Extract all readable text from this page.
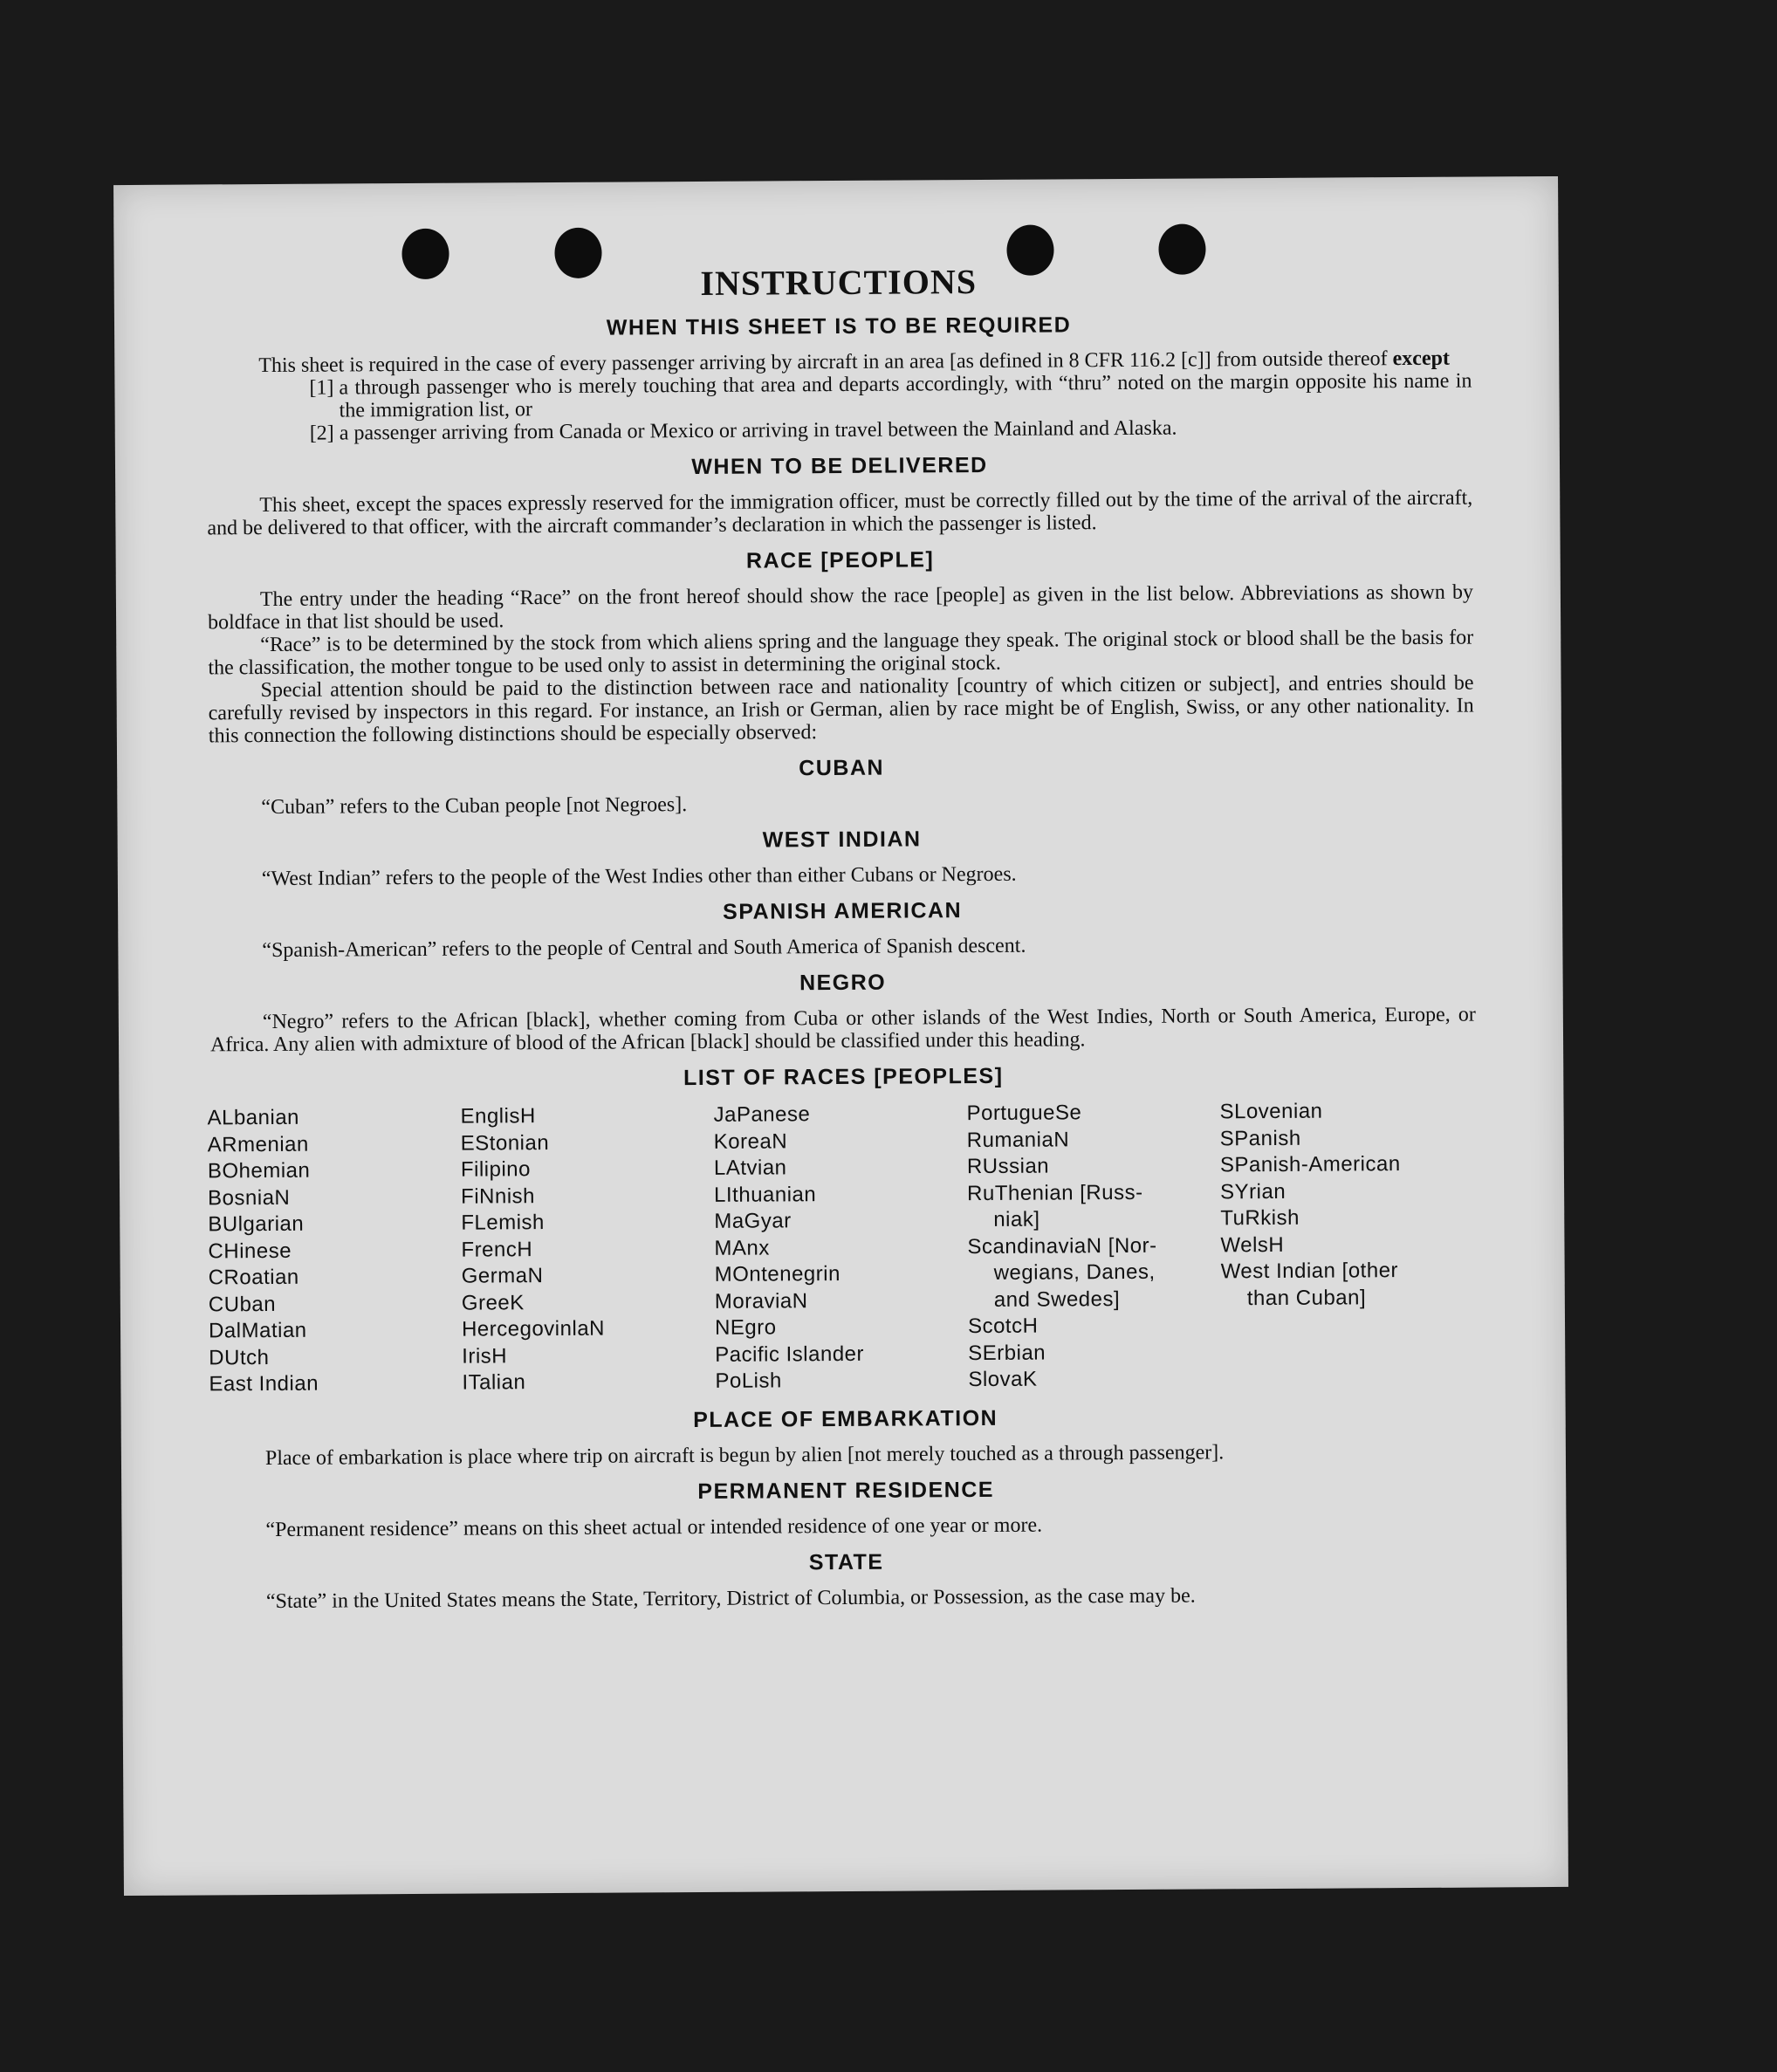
INSTRUCTIONS
WHEN THIS SHEET IS TO BE REQUIRED

This sheet is required in the case of every passenger arriving by aircraft in an area [as defined in 8 CFR 116.2 [c]] from outside thereof except

[1] a through passenger who is merely touching that area and departs accordingly, with “thru” noted on the margin opposite his name in the immigration list, or
[2] a passenger arriving from Canada or Mexico or arriving in travel between the Mainland and Alaska.
WHEN TO BE DELIVERED

This sheet, except the spaces expressly reserved for the immigration officer, must be correctly filled out by the time of the arrival of the aircraft, and be delivered to that officer, with the aircraft commander’s declaration in which the passenger is listed.

RACE [PEOPLE]

The entry under the heading “Race” on the front hereof should show the race [people] as given in the list below. Abbreviations as shown by boldface in that list should be used.

“Race” is to be determined by the stock from which aliens spring and the language they speak. The original stock or blood shall be the basis for the classification, the mother tongue to be used only to assist in determining the original stock.

Special attention should be paid to the distinction between race and nationality [country of which citizen or subject], and entries should be carefully revised by inspectors in this regard. For instance, an Irish or German, alien by race might be of English, Swiss, or any other nationality. In this connection the following distinctions should be especially observed:

CUBAN

“Cuban” refers to the Cuban people [not Negroes].

WEST INDIAN

“West Indian” refers to the people of the West Indies other than either Cubans or Negroes.

SPANISH AMERICAN

“Spanish-American” refers to the people of Central and South America of Spanish descent.

NEGRO

“Negro” refers to the African [black], whether coming from Cuba or other islands of the West Indies, North or South America, Europe, or Africa. Any alien with admixture of blood of the African [black] should be classified under this heading.

LIST OF RACES [PEOPLES]
ALbanian
ARmenian
BOhemian
BosniaN
BUlgarian
CHinese
CRoatian
CUban
DalMatian
DUtch
East Indian
EnglisH
EStonian
Filipino
FiNnish
FLemish
FrencH
GermaN
GreeK
HercegovinlaN
IrisH
ITalian
JaPanese
KoreaN
LAtvian
LIthuanian
MaGyar
MAnx
MOntenegrin
MoraviaN
NEgro
Pacific Islander
PoLish
PortugueSe
RumaniaN
RUssian
RuThenian [Russ-
niak]
ScandinaviaN [Nor-
wegians, Danes,
and Swedes]
ScotcH
SErbian
SlovaK
SLovenian
SPanish
SPanish-American
SYrian
TuRkish
WelsH
West Indian [other
than Cuban]
PLACE OF EMBARKATION

Place of embarkation is place where trip on aircraft is begun by alien [not merely touched as a through passenger].

PERMANENT RESIDENCE

“Permanent residence” means on this sheet actual or intended residence of one year or more.

STATE

“State” in the United States means the State, Territory, District of Columbia, or Possession, as the case may be.
